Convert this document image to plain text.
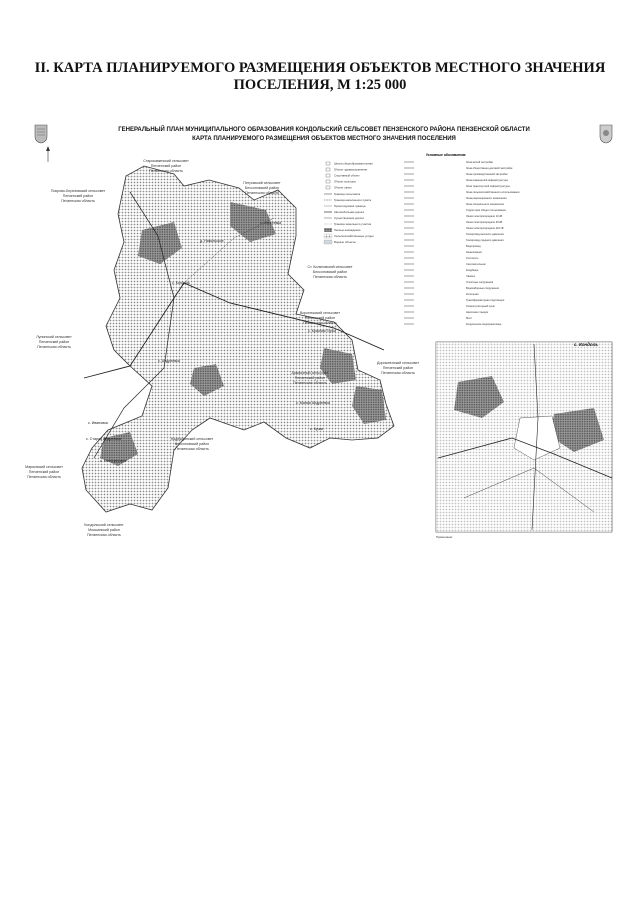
II. КАРТА ПЛАНИРУЕМОГО РАЗМЕЩЕНИЯ ОБЪЕКТОВ МЕСТНОГО ЗНАЧЕНИЯ
ПОСЕЛЕНИЯ, М 1:25 000
ГЕНЕРАЛЬНЫЙ ПЛАН МУНИЦИПАЛЬНОГО ОБРАЗОВАНИЯ КОНДОЛЬСКИЙ СЕЛЬСОВЕТ ПЕНЗЕНСКОГО РАЙОНА ПЕНЗЕНСКОЙ ОБЛАСТИ
КАРТА ПЛАНИРУЕМОГО РАЗМЕЩЕНИЯ ОБЪЕКТОВ МЕСТНОГО ЗНАЧЕНИЯ ПОСЕЛЕНИЯ
с. Кондоль
д. Никольское
с. Андреевка
с. Сергеевка
с. Ивановка
с. Красная Горка
с. Колюпановка
с. Малая Андреевка
с. Кучки
с. Старая Андреевка
Старокаменский сельсовет
Пензенский район
Пензенская область
Покрово-Березовский сельсовет
Пензенский район
Пензенская область
Петровский сельсовет
Бессоновский район
Пензенская область
Ст. Коляновский сельсовет
Бессоновский район
Пензенская область
Воронежский сельсовет
Пензенский район
Пензенская область
Лунинский сельсовет
Пензенский район
Пензенская область
Дорожненский сельсовет
Пензенский район
Пензенская область
Армаязный сельсовет
Пензенский район
Пензенская область
Надеждинский сельсовет
Бессоновский район
Пензенская область
Кондольский сельсовет
Мокшанский район
Пензенская область
Маркинский сельсовет
Пензенский район
Пензенская область
Условные обозначения
Школа общеобразовательная
Объект здравоохранения
Спортивный объект
Объект культуры
Объект связи
Граница сельсовета
Граница населенного пункта
Проектируемая граница
Автомобильная дорога
Существующая дорога
Граница земельного участка
Лесные насаждения
Сельскохозяйственные угодья
Водные объекты
Зона жилой застройки
Зона общественно-деловой застройки
Зона производственной застройки
Зона инженерной инфраструктуры
Зона транспортной инфраструктуры
Зона сельскохозяйственного использования
Зона рекреационного назначения
Зона специального назначения
Территории общего пользования
Линии электропередачи 10 кВ
Линии электропередачи 35 кВ
Линии электропередачи 110 кВ
Газопровод высокого давления
Газопровод среднего давления
Водопровод
Канализация
Теплосеть
Скотомогильник
Кладбище
Свалка
Очистные сооружения
Водозаборные сооружения
Котельная
Трансформаторная подстанция
Газорегуляторный пункт
Насосная станция
Мост
Кондольское водохранилище
с. Кондоль
Примечание:
